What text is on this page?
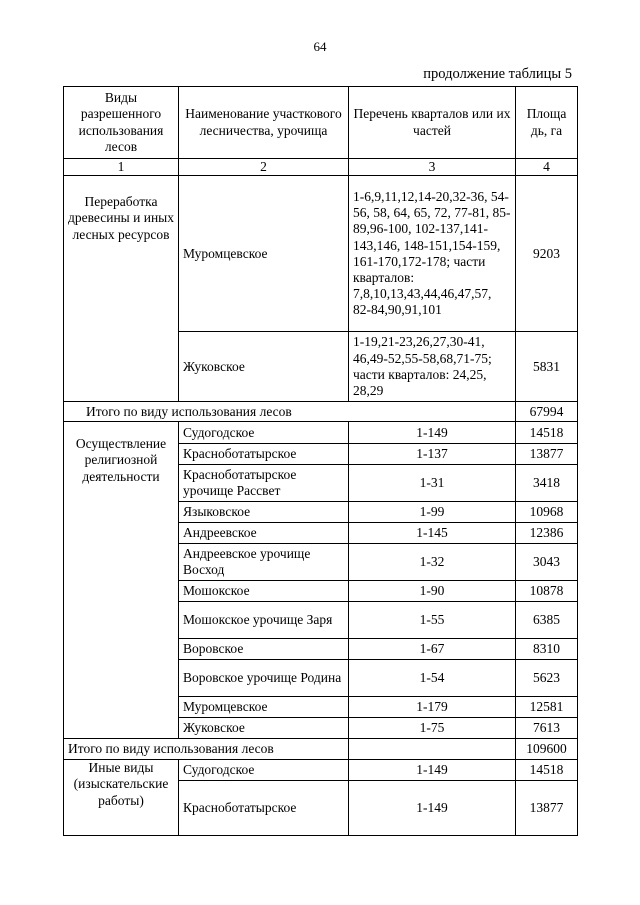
64
продолжение таблицы 5
Виды разрешенного использования лесов	Наименование участкового лесничества, урочища	Перечень кварталов или их частей	Площа дь, га
1	2	3	4
Переработка древесины и иных лесных ресурсов	Муромцевское	1-6,9,11,12,14-20,32-36, 54-56, 58, 64, 65, 72, 77-81, 85-89,96-100, 102-137,141-143,146, 148-151,154-159, 161-170,172-178; части кварталов: 7,8,10,13,43,44,46,47,57, 82-84,90,91,101	9203
	Жуковское	1-19,21-23,26,27,30-41, 46,49-52,55-58,68,71-75; части кварталов: 24,25, 28,29	5831
Итого по виду использования лесов			67994
Осуществление религиозной деятельности	Судогодское	1-149	14518
	Красноботатырское	1-137	13877
	Красноботатырское урочище Рассвет	1-31	3418
	Языковское	1-99	10968
	Андреевское	1-145	12386
	Андреевское урочище Восход	1-32	3043
	Мошокское	1-90	10878
	Мошокское урочище Заря	1-55	6385
	Воровское	1-67	8310
	Воровское урочище Родина	1-54	5623
	Муромцевское	1-179	12581
	Жуковское	1-75	7613
Итого по виду использования лесов			109600
Иные виды (изыскательские работы)	Судогодское	1-149	14518
	Красноботатырское	1-149	13877
